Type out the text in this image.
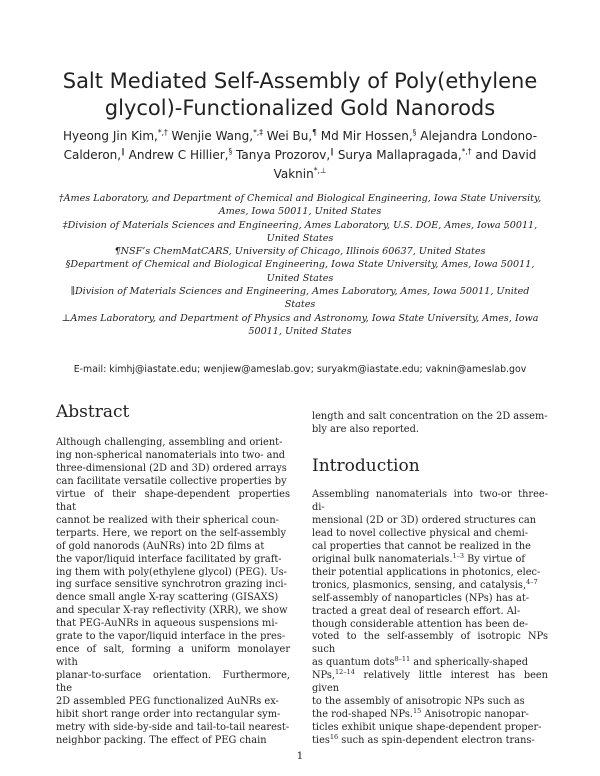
Salt Mediated Self-Assembly of Poly(ethylene
glycol)-Functionalized Gold Nanorods
Hyeong Jin Kim,*,† Wenjie Wang,*,‡ Wei Bu,¶ Md Mir Hossen,§ Alejandra Londono-Calderon,∥ Andrew C Hillier,§ Tanya Prozorov,∥ Surya Mallapragada,*,† and David Vaknin*,⊥
†Ames Laboratory, and Department of Chemical and Biological Engineering, Iowa State University, Ames, Iowa 50011, United States
‡Division of Materials Sciences and Engineering, Ames Laboratory, U.S. DOE, Ames, Iowa 50011, United States
¶NSF’s ChemMatCARS, University of Chicago, Illinois 60637, United States
§Department of Chemical and Biological Engineering, Iowa State University, Ames, Iowa 50011, United States
∥Division of Materials Sciences and Engineering, Ames Laboratory, Ames, Iowa 50011, United States
⊥Ames Laboratory, and Department of Physics and Astronomy, Iowa State University, Ames, Iowa 50011, United States
E-mail: kimhj@iastate.edu; wenjiew@ameslab.gov; suryakm@iastate.edu; vaknin@ameslab.gov
Abstract
Although challenging, assembling and orient-
ing non-spherical nanomaterials into two- and
three-dimensional (2D and 3D) ordered arrays
can facilitate versatile collective properties by
virtue of their shape-dependent properties that
cannot be realized with their spherical coun-
terparts. Here, we report on the self-assembly
of gold nanorods (AuNRs) into 2D films at
the vapor/liquid interface facilitated by graft-
ing them with poly(ethylene glycol) (PEG). Us-
ing surface sensitive synchrotron grazing inci-
dence small angle X-ray scattering (GISAXS)
and specular X-ray reflectivity (XRR), we show
that PEG-AuNRs in aqueous suspensions mi-
grate to the vapor/liquid interface in the pres-
ence of salt, forming a uniform monolayer with
planar-to-surface orientation. Furthermore, the
2D assembled PEG functionalized AuNRs ex-
hibit short range order into rectangular sym-
metry with side-by-side and tail-to-tail nearest-
neighbor packing. The effect of PEG chain
length and salt concentration on the 2D assem-
bly are also reported.
Introduction
Assembling nanomaterials into two-or three- di-
mensional (2D or 3D) ordered structures can
lead to novel collective physical and chemi-
cal properties that cannot be realized in the
original bulk nanomaterials.$^{1-3}$ By virtue of
their potential applications in photonics, elec-
tronics, plasmonics, sensing, and catalysis,$^{4-7}$
self-assembly of nanoparticles (NPs) has at-
tracted a great deal of research effort. Al-
though considerable attention has been de-
voted to the self-assembly of isotropic NPs such
as quantum dots$^{8-11}$ and spherically-shaped
NPs,$^{12-14}$ relatively little interest has been given
to the assembly of anisotropic NPs such as
the rod-shaped NPs.$^{15}$ Anisotropic nanopar-
ticles exhibit unique shape-dependent proper-
ties$^{16}$ such as spin-dependent electron trans-
1
